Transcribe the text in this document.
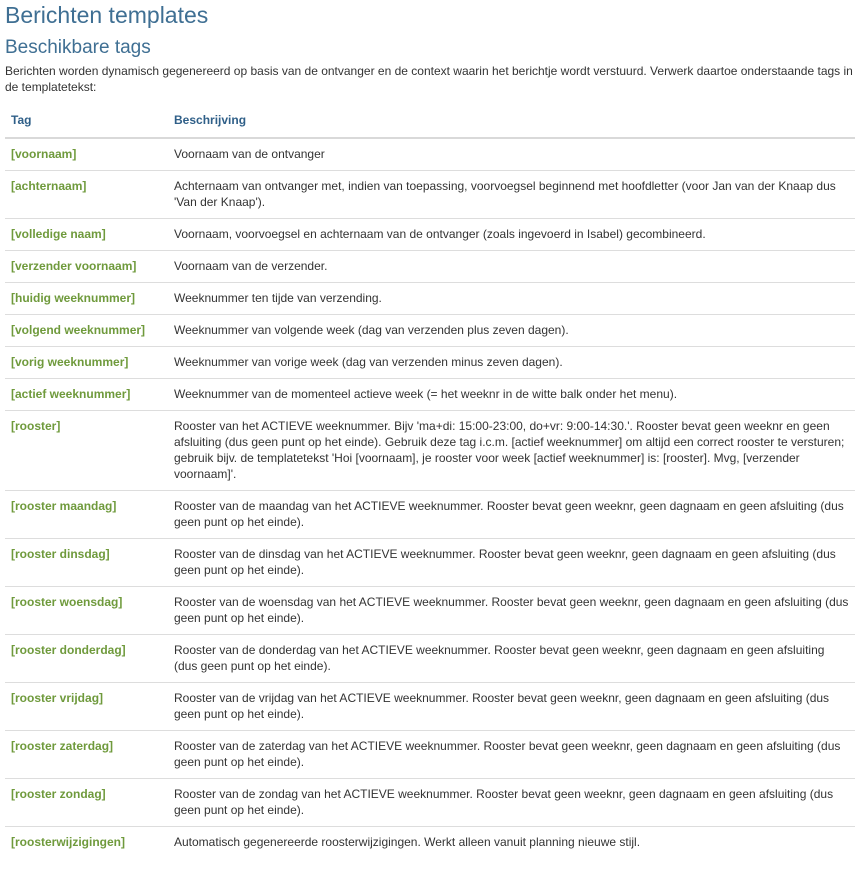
Berichten templates
Beschikbare tags

Berichten worden dynamisch gegenereerd op basis van de ontvanger en de context waarin het berichtje wordt verstuurd. Verwerk daartoe onderstaande tags in de templatetekst:

Tag	Beschrijving
[voornaam]	Voornaam van de ontvanger
[achternaam]	Achternaam van ontvanger met, indien van toepassing, voorvoegsel beginnend met hoofdletter (voor Jan van der Knaap dus 'Van der Knaap').
[volledige naam]	Voornaam, voorvoegsel en achternaam van de ontvanger (zoals ingevoerd in Isabel) gecombineerd.
[verzender voornaam]	Voornaam van de verzender.
[huidig weeknummer]	Weeknummer ten tijde van verzending.
[volgend weeknummer]	Weeknummer van volgende week (dag van verzenden plus zeven dagen).
[vorig weeknummer]	Weeknummer van vorige week (dag van verzenden minus zeven dagen).
[actief weeknummer]	Weeknummer van de momenteel actieve week (= het weeknr in de witte balk onder het menu).
[rooster]	Rooster van het ACTIEVE weeknummer. Bijv 'ma+di: 15:00-23:00, do+vr: 9:00-14:30.'. Rooster bevat geen weeknr en geen afsluiting (dus geen punt op het einde). Gebruik deze tag i.c.m. [actief weeknummer] om altijd een correct rooster te versturen; gebruik bijv. de templatetekst 'Hoi [voornaam], je rooster voor week [actief weeknummer] is: [rooster]. Mvg, [verzender voornaam]'.
[rooster maandag]	Rooster van de maandag van het ACTIEVE weeknummer. Rooster bevat geen weeknr, geen dagnaam en geen afsluiting (dus geen punt op het einde).
[rooster dinsdag]	Rooster van de dinsdag van het ACTIEVE weeknummer. Rooster bevat geen weeknr, geen dagnaam en geen afsluiting (dus geen punt op het einde).
[rooster woensdag]	Rooster van de woensdag van het ACTIEVE weeknummer. Rooster bevat geen weeknr, geen dagnaam en geen afsluiting (dus geen punt op het einde).
[rooster donderdag]	Rooster van de donderdag van het ACTIEVE weeknummer. Rooster bevat geen weeknr, geen dagnaam en geen afsluiting (dus geen punt op het einde).
[rooster vrijdag]	Rooster van de vrijdag van het ACTIEVE weeknummer. Rooster bevat geen weeknr, geen dagnaam en geen afsluiting (dus geen punt op het einde).
[rooster zaterdag]	Rooster van de zaterdag van het ACTIEVE weeknummer. Rooster bevat geen weeknr, geen dagnaam en geen afsluiting (dus geen punt op het einde).
[rooster zondag]	Rooster van de zondag van het ACTIEVE weeknummer. Rooster bevat geen weeknr, geen dagnaam en geen afsluiting (dus geen punt op het einde).
[roosterwijzigingen]	Automatisch gegenereerde roosterwijzigingen. Werkt alleen vanuit planning nieuwe stijl.
